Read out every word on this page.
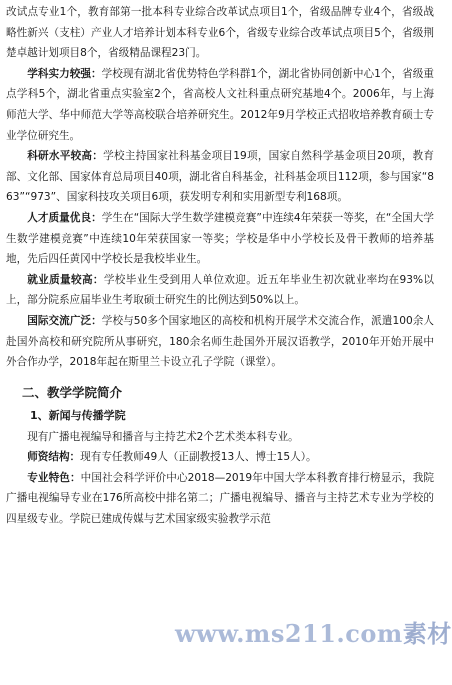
改试点专业1个，教育部第一批本科专业综合改革试点项目1个，省级品牌专业4个，省级战略性新兴（支柱）产业人才培养计划本科专业6个，省级专业综合改革试点项目5个，省级荆楚卓越计划项目8个，省级精品课程23门。

学科实力较强：学校现有湖北省优势特色学科群1个，湖北省协同创新中心1个，省级重点学科5个，湖北省重点实验室2个，省高校人文社科重点研究基地4个。2006年，与上海师范大学、华中师范大学等高校联合培养研究生。2012年9月学校正式招收培养教育硕士专业学位研究生。

科研水平较高：学校主持国家社科基金项目19项，国家自然科学基金项目20项，教育部、文化部、国家体育总局项目40项，湖北省自科基金，社科基金项目112项，参与国家“863”“973”、国家科技攻关项目6项，获发明专利和实用新型专利168项。

人才质量优良：学生在“国际大学生数学建模竞赛”中连续4年荣获一等奖，在“全国大学生数学建模竞赛”中连续10年荣获国家一等奖；学校是华中小学校长及骨干教师的培养基地，先后四任黄冈中学校长是我校毕业生。

就业质量较高：学校毕业生受到用人单位欢迎。近五年毕业生初次就业率均在93%以上，部分院系应届毕业生考取硕士研究生的比例达到50%以上。

国际交流广泛：学校与50多个国家地区的高校和机构开展学术交流合作，派遣100余人赴国外高校和研究院所从事研究，180余名师生赴国外开展汉语教学，2010年开始开展中外合作办学，2018年起在斯里兰卡设立孔子学院（课堂）。

二、教学学院简介
1、新闻与传播学院

现有广播电视编导和播音与主持艺术2个艺术类本科专业。

师资结构：现有专任教师49人（正副教授13人、博士15人）。

专业特色：中国社会科学评价中心2018—2019年中国大学本科教育排行榜显示，我院广播电视编导专业在176所高校中排名第二；广播电视编导、播音与主持艺术专业为学校的四星级专业。学院已建成传媒与艺术国家级实验教学示范

www.ms211.com素材
